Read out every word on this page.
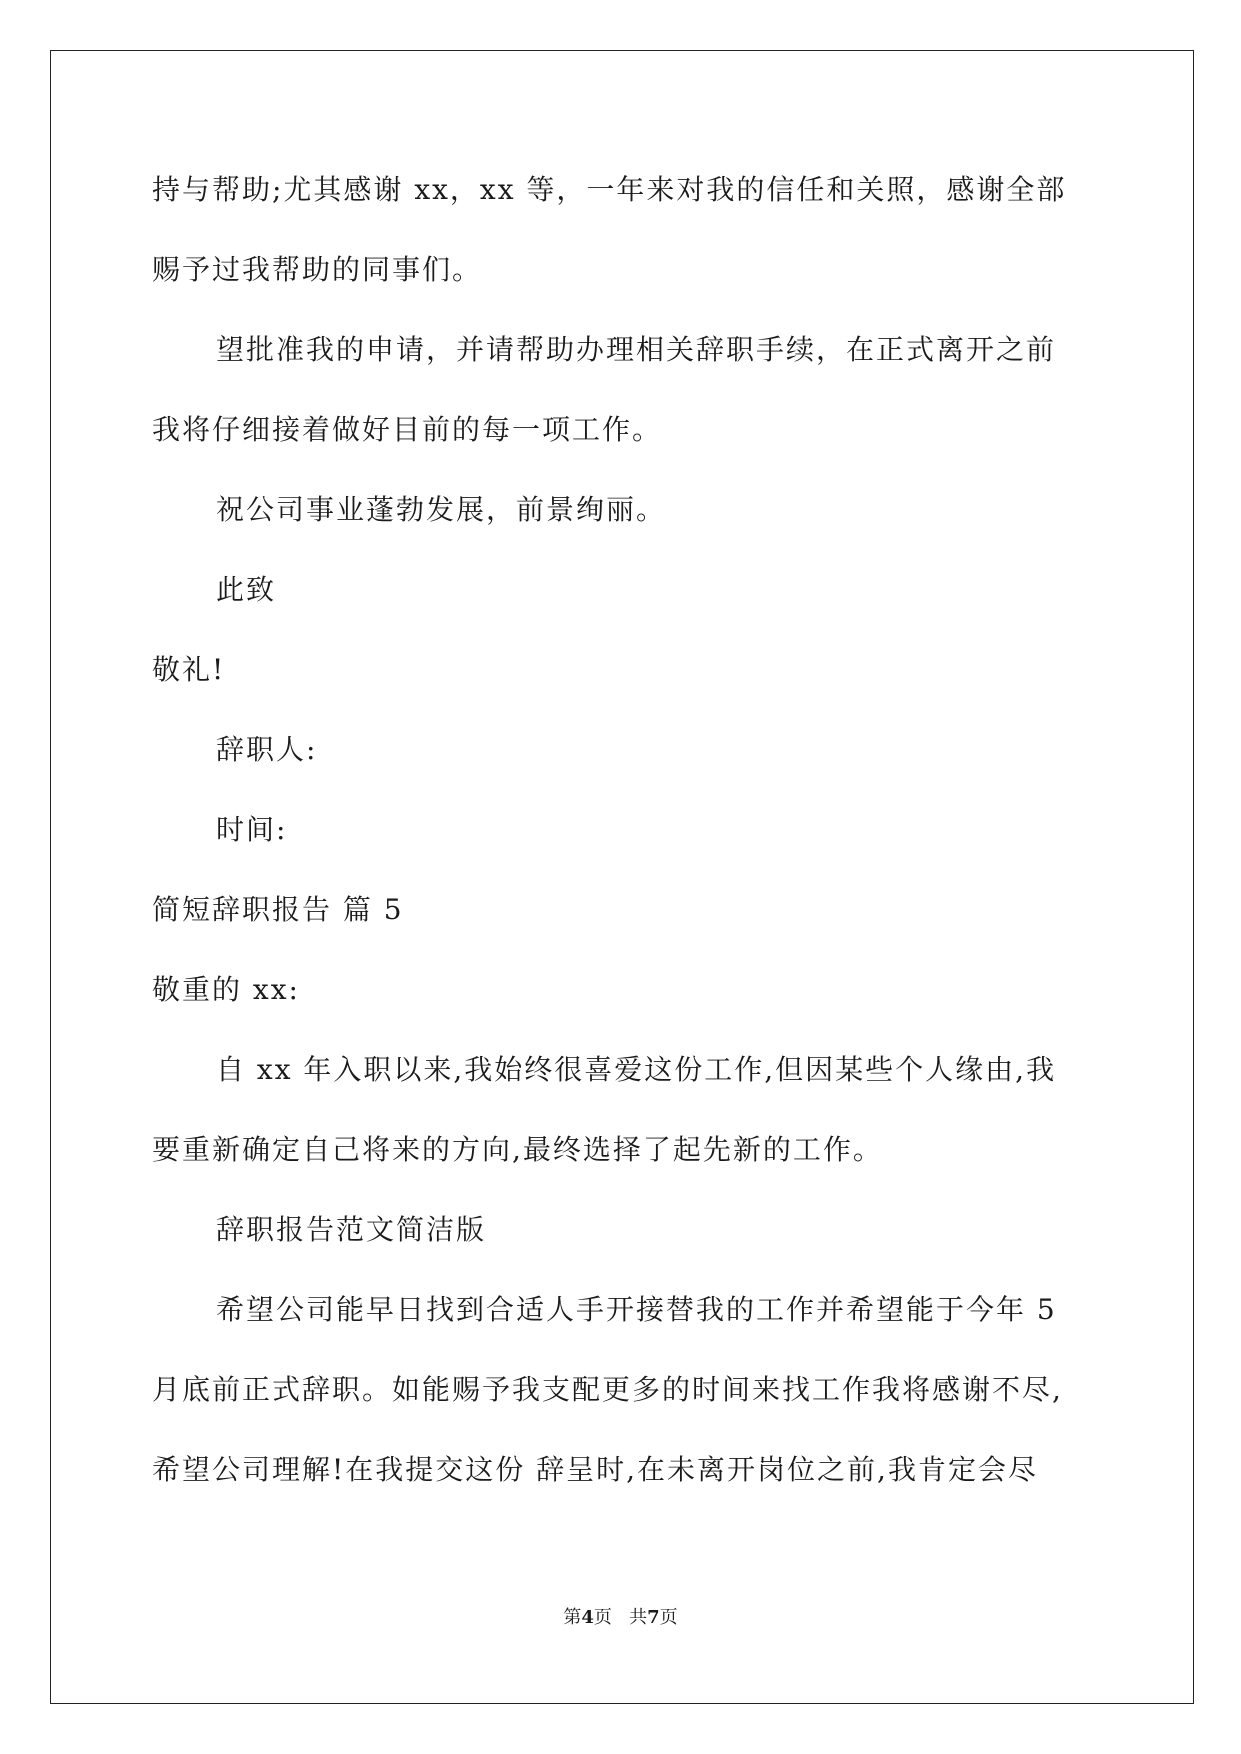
持与帮助;尤其感谢 xx，xx 等，一年来对我的信任和关照，感谢全部
赐予过我帮助的同事们。
望批准我的申请，并请帮助办理相关辞职手续，在正式离开之前
我将仔细接着做好目前的每一项工作。
祝公司事业蓬勃发展，前景绚丽。
此致
敬礼!
辞职人:
时间:
简短辞职报告 篇 5
敬重的 xx:
自 xx 年入职以来,我始终很喜爱这份工作,但因某些个人缘由,我
要重新确定自己将来的方向,最终选择了起先新的工作。
辞职报告范文简洁版
希望公司能早日找到合适人手开接替我的工作并希望能于今年 5
月底前正式辞职。如能赐予我支配更多的时间来找工作我将感谢不尽,
希望公司理解!在我提交这份 辞呈时,在未离开岗位之前,我肯定会尽
第4页 共7页
